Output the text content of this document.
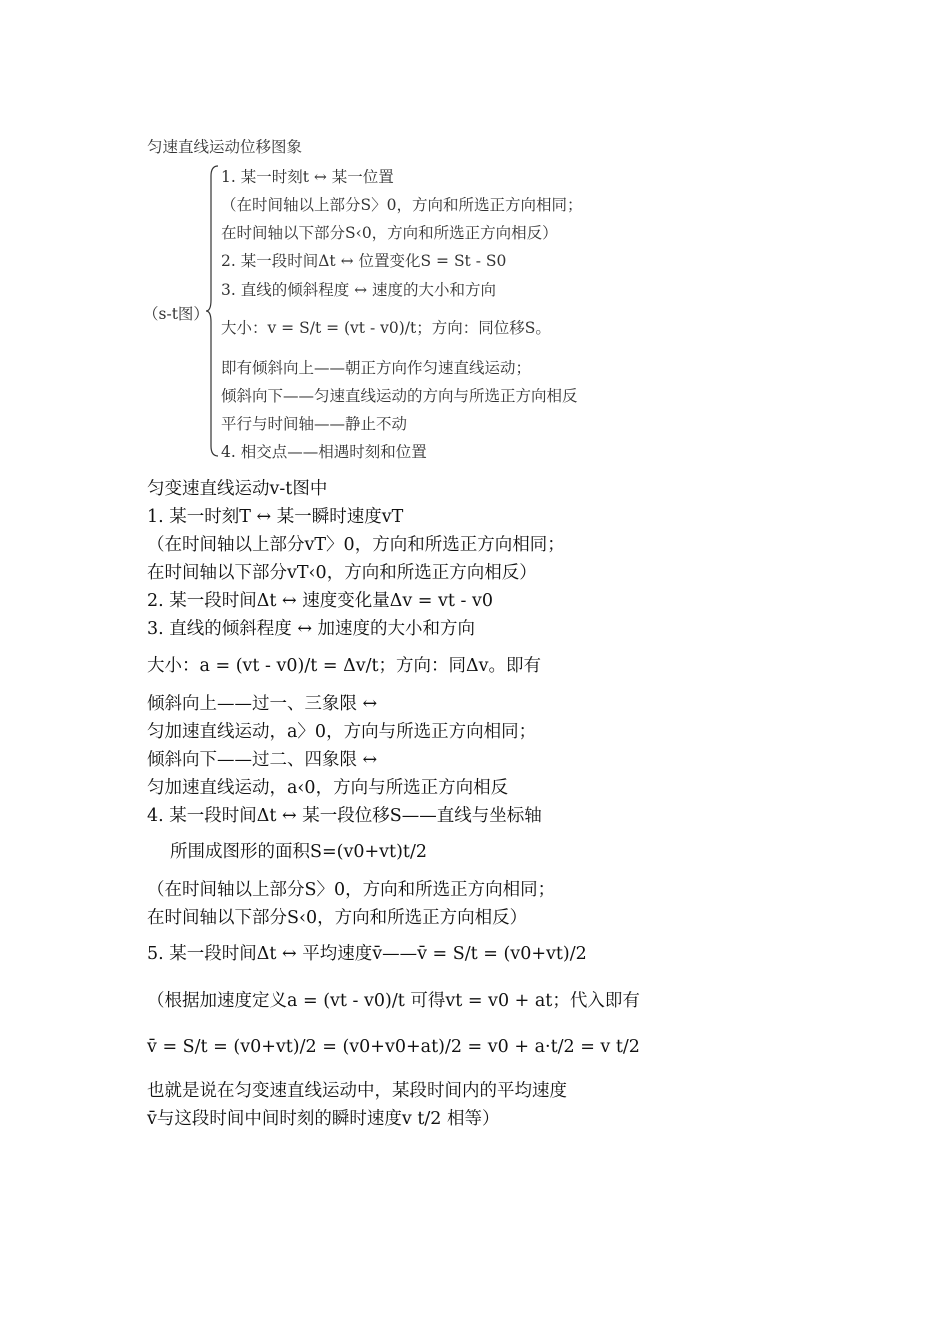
匀速直线运动位移图象
（s-t图）
1. 某一时刻t ↔ 某一位置
（在时间轴以上部分S〉0，方向和所选正方向相同；
在时间轴以下部分S‹0，方向和所选正方向相反）
2. 某一段时间Δt ↔ 位置变化S = St - S0
3. 直线的倾斜程度 ↔ 速度的大小和方向
大小：v = S/t = (vt - v0)/t；方向：同位移S。
即有倾斜向上——朝正方向作匀速直线运动；
倾斜向下——匀速直线运动的方向与所选正方向相反
平行与时间轴——静止不动
4. 相交点——相遇时刻和位置
匀变速直线运动v-t图中
1. 某一时刻T ↔ 某一瞬时速度vT
（在时间轴以上部分vT〉0，方向和所选正方向相同；
在时间轴以下部分vT‹0，方向和所选正方向相反）
2. 某一段时间Δt ↔ 速度变化量Δv = vt - v0
3. 直线的倾斜程度 ↔ 加速度的大小和方向
大小：a = (vt - v0)/t = Δv/t；方向：同Δv。即有
倾斜向上——过一、三象限 ↔
匀加速直线运动，a〉0，方向与所选正方向相同；
倾斜向下——过二、四象限 ↔
匀加速直线运动，a‹0，方向与所选正方向相反
4. 某一段时间Δt ↔ 某一段位移S——直线与坐标轴
所围成图形的面积S=(v0+vt)t/2
（在时间轴以上部分S〉0，方向和所选正方向相同；
在时间轴以下部分S‹0，方向和所选正方向相反）
5. 某一段时间Δt ↔ 平均速度v̄——v̄ = S/t = (v0+vt)/2
（根据加速度定义a = (vt - v0)/t 可得vt = v0 + at；代入即有
v̄ = S/t = (v0+vt)/2 = (v0+v0+at)/2 = v0 + a·t/2 = v t/2
也就是说在匀变速直线运动中，某段时间内的平均速度
v̄与这段时间中间时刻的瞬时速度v t/2 相等）
